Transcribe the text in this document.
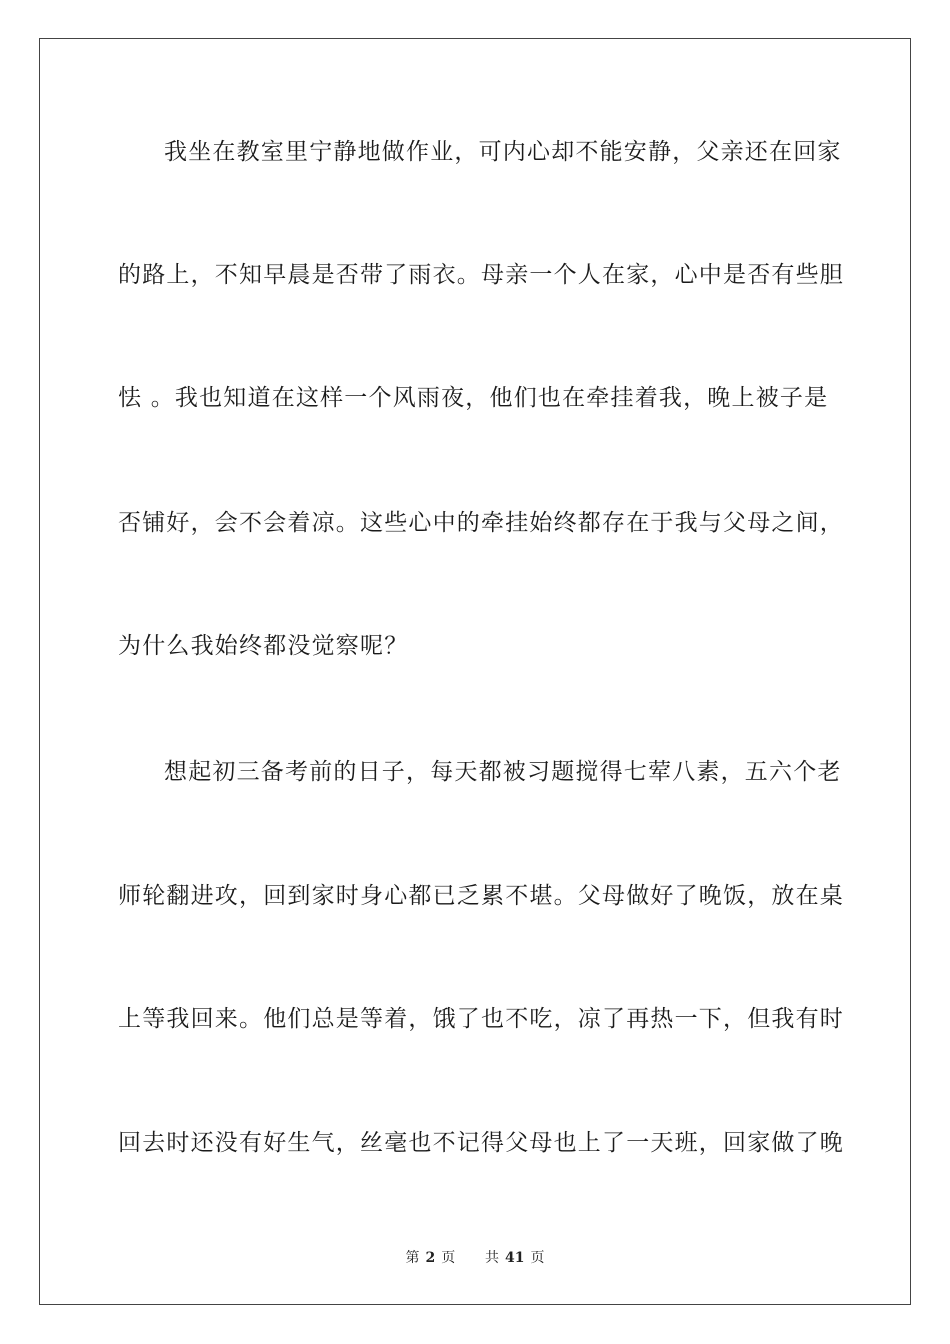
我坐在教室里宁静地做作业，可内心却不能安静，父亲还在回家
的路上，不知早晨是否带了雨衣。母亲一个人在家，心中是否有些胆
怯 。我也知道在这样一个风雨夜，他们也在牵挂着我，晚上被子是
否铺好，会不会着凉。这些心中的牵挂始终都存在于我与父母之间，
为什么我始终都没觉察呢？
想起初三备考前的日子，每天都被习题搅得七荤八素，五六个老
师轮翻进攻，回到家时身心都已乏累不堪。父母做好了晚饭，放在桌
上等我回来。他们总是等着，饿了也不吃，凉了再热一下，但我有时
回去时还没有好生气，丝毫也不记得父母也上了一天班，回家做了晚
第 2 页 共 41 页
